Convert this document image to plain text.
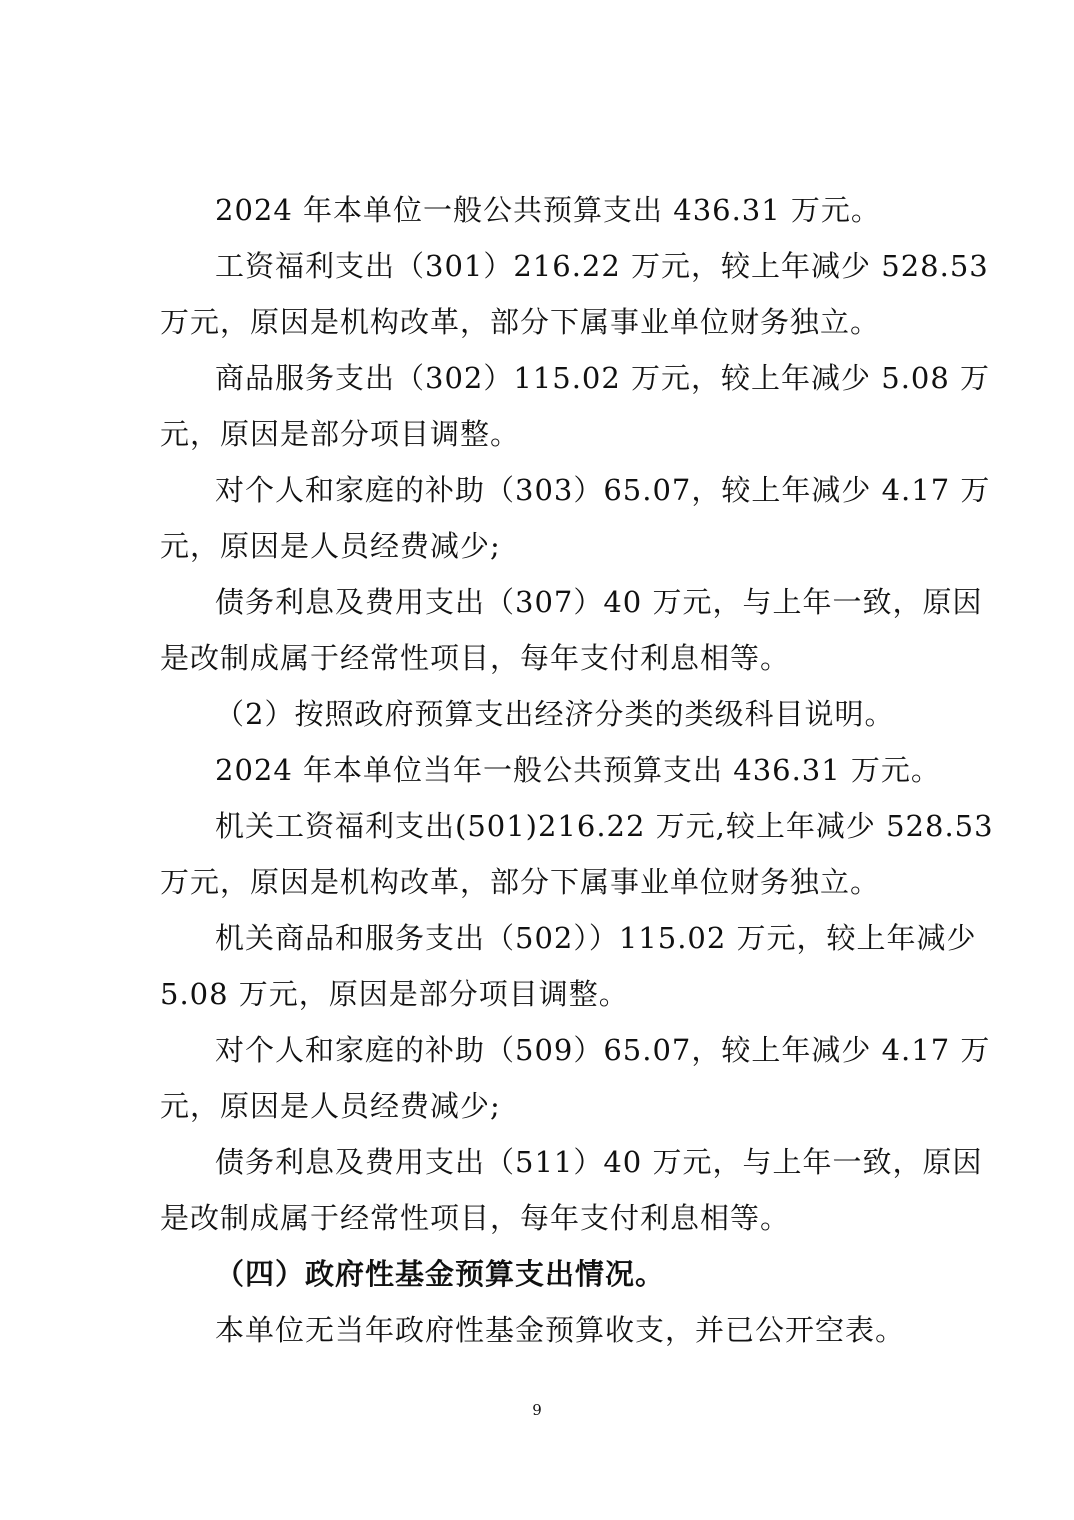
2024 年本单位一般公共预算支出 436.31 万元。
工资福利支出（301）216.22 万元，较上年减少 528.53
万元，原因是机构改革，部分下属事业单位财务独立。
商品服务支出（302）115.02 万元，较上年减少 5.08 万
元，原因是部分项目调整。
对个人和家庭的补助（303）65.07，较上年减少 4.17 万
元，原因是人员经费减少;
债务利息及费用支出（307）40 万元，与上年一致，原因
是改制成属于经常性项目，每年支付利息相等。
（2）按照政府预算支出经济分类的类级科目说明。
2024 年本单位当年一般公共预算支出 436.31 万元。
机关工资福利支出(501)216.22 万元,较上年减少 528.53
万元，原因是机构改革，部分下属事业单位财务独立。
机关商品和服务支出（502））115.02 万元，较上年减少
5.08 万元，原因是部分项目调整。
对个人和家庭的补助（509）65.07，较上年减少 4.17 万
元，原因是人员经费减少;
债务利息及费用支出（511）40 万元，与上年一致，原因
是改制成属于经常性项目，每年支付利息相等。
（四）政府性基金预算支出情况。
本单位无当年政府性基金预算收支，并已公开空表。
9
